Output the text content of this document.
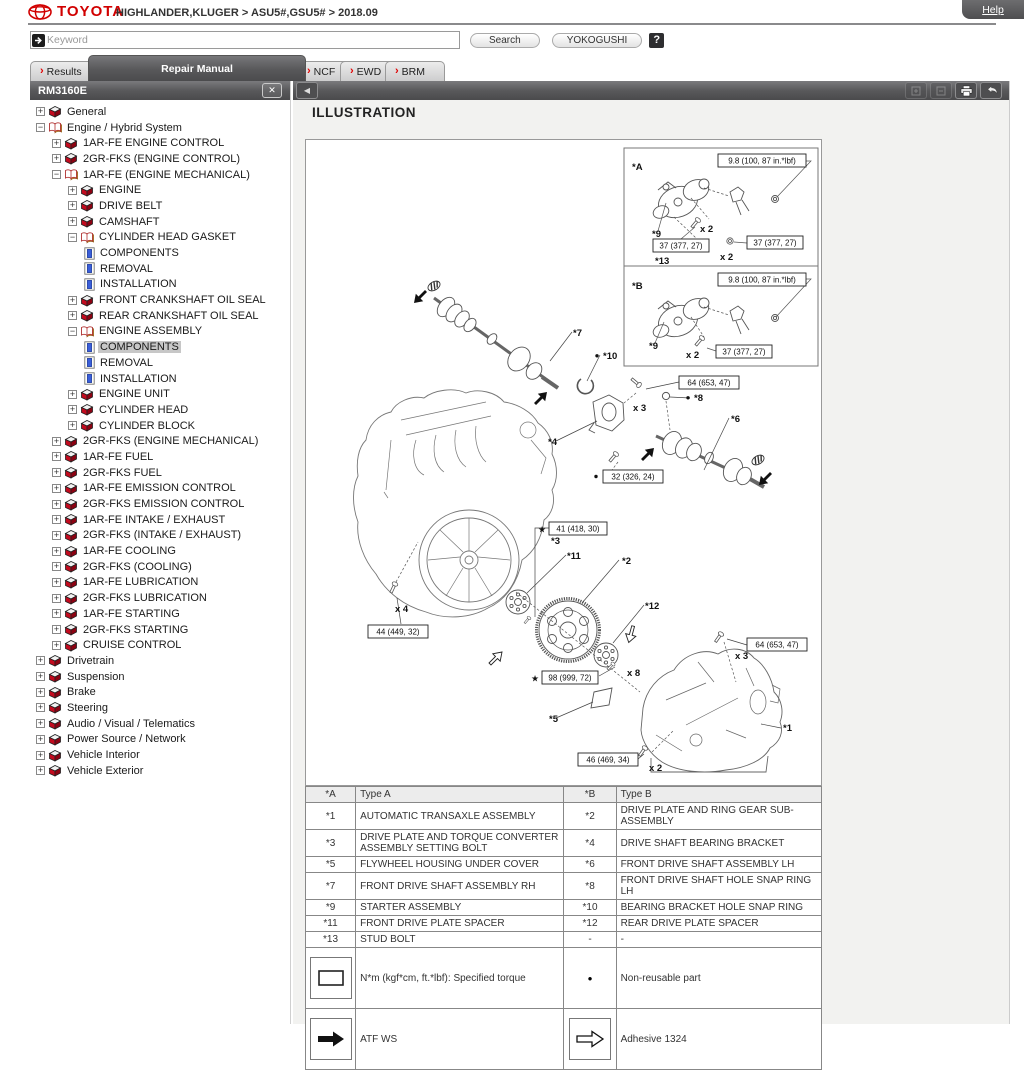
TOYOTA
HIGHLANDER,KLUGER > ASU5#,GSU5# > 2018.09	Help
Keyword
Search	YOKOGUSHI	?
› Results	Repair Manual	› NCF › EWD › BRM
RM3160E	✕
+ General
− Engine / Hybrid System
+ 1AR-FE ENGINE CONTROL
+ 2GR-FKS (ENGINE CONTROL)
− 1AR-FE (ENGINE MECHANICAL)
+ ENGINE
+ DRIVE BELT
+ CAMSHAFT
− CYLINDER HEAD GASKET
COMPONENTS
REMOVAL
INSTALLATION
+ FRONT CRANKSHAFT OIL SEAL
+ REAR CRANKSHAFT OIL SEAL
− ENGINE ASSEMBLY
COMPONENTS
REMOVAL
INSTALLATION
+ ENGINE UNIT
+ CYLINDER HEAD
+ CYLINDER BLOCK
+ 2GR-FKS (ENGINE MECHANICAL)
+ 1AR-FE FUEL
+ 2GR-FKS FUEL
+ 1AR-FE EMISSION CONTROL
+ 2GR-FKS EMISSION CONTROL
+ 1AR-FE INTAKE / EXHAUST
+ 2GR-FKS (INTAKE / EXHAUST)
+ 1AR-FE COOLING
+ 2GR-FKS (COOLING)
+ 1AR-FE LUBRICATION
+ 2GR-FKS LUBRICATION
+ 1AR-FE STARTING
+ 2GR-FKS STARTING
+ CRUISE CONTROL
+ Drivetrain
+ Suspension
+ Brake
+ Steering
+ Audio / Visual / Telematics
+ Power Source / Network
+ Vehicle Interior
+ Vehicle Exterior
◀
ILLUSTRATION
9.8 (100, 87 in.*lbf)
37 (377, 27)	37 (377, 27)
9.8 (100, 87 in.*lbf)
37 (377, 27)
64 (653, 47)
32 (326, 24)
41 (418, 30)
★
98 (999, 72)
★
64 (653, 47)
46 (469, 34)
44 (449, 32)
*A
x 2
*9
*13	x 2
*B
*9
x 2
*7
*10
x 3
*8
*4
*6
x 4
*3
*11	*2
*12
x 8
*5
*1
x 3
x 2
*A	Type A	*B	Type B
*1	AUTOMATIC TRANSAXLE ASSEMBLY	*2	DRIVE PLATE AND RING GEAR SUB-ASSEMBLY
*3	DRIVE PLATE AND TORQUE CONVERTER ASSEMBLY SETTING BOLT	*4	DRIVE SHAFT BEARING BRACKET
*5	FLYWHEEL HOUSING UNDER COVER	*6	FRONT DRIVE SHAFT ASSEMBLY LH
*7	FRONT DRIVE SHAFT ASSEMBLY RH	*8	FRONT DRIVE SHAFT HOLE SNAP RING LH
*9	STARTER ASSEMBLY	*10	BEARING BRACKET HOLE SNAP RING
*11	FRONT DRIVE PLATE SPACER	*12	REAR DRIVE PLATE SPACER
*13	STUD BOLT	-	-

	N*m (kgf*cm, ft.*lbf): Specified torque	•	Non-reusable part

	ATF WS		Adhesive 1324
